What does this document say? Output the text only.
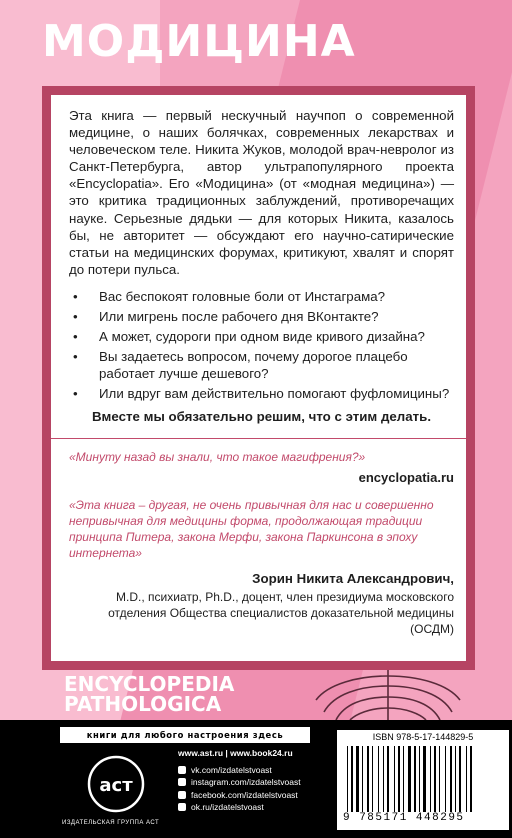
МОДИЦИНА

Эта книга — первый нескучный научпоп о современной медицине, о наших болячках, современных лекарствах и человеческом теле. Никита Жуков, молодой врач-невролог из Санкт-Петербурга, автор ультрапопулярного проекта «Encyclopatia». Его «Модицина» (от «модная медицина») — это критика традиционных заблуждений, противоречащих науке. Серьезные дядьки — для которых Никита, казалось бы, не авторитет — обсуждают его научно-сатирические статьи на медицинских форумах, критикуют, хвалят и спорят до потери пульса.

• Вас беспокоят головные боли от Инстаграма?
• Или мигрень после рабочего дня ВКонтакте?
• А может, судороги при одном виде кривого дизайна?
• Вы задаетесь вопросом, почему дорогое плацебо работает лучше дешевого?
• Или вдруг вам действительно помогают фуфломицины?

Вместе мы обязательно решим, что с этим делать.

«Минуту назад вы знали, что такое магифрения?»

encyclopatia.ru

«Эта книга – другая, не очень привычная для нас и совершенно непривычная для медицины форма, продолжающая традиции принципа Питера, закона Мерфи, закона Паркинсона в эпоху интернета»

Зорин Никита Александрович,

M.D., психиатр, Ph.D., доцент, член президиума московского отделения Общества специалистов доказательной медицины (ОСДМ)

ENCYCLOPEDIA
PATHOLOGICA
книги для любого настроения здесь
аст
ИЗДАТЕЛЬСКАЯ ГРУППА АСТ
www.ast.ru | www.book24.ru
vk.com/izdatelstvoast
instagram.com/izdatelstvoast
facebook.com/izdatelstvoast
ok.ru/izdatelstvoast
ISBN 978-5-17-144829-5
9 785171 448295
